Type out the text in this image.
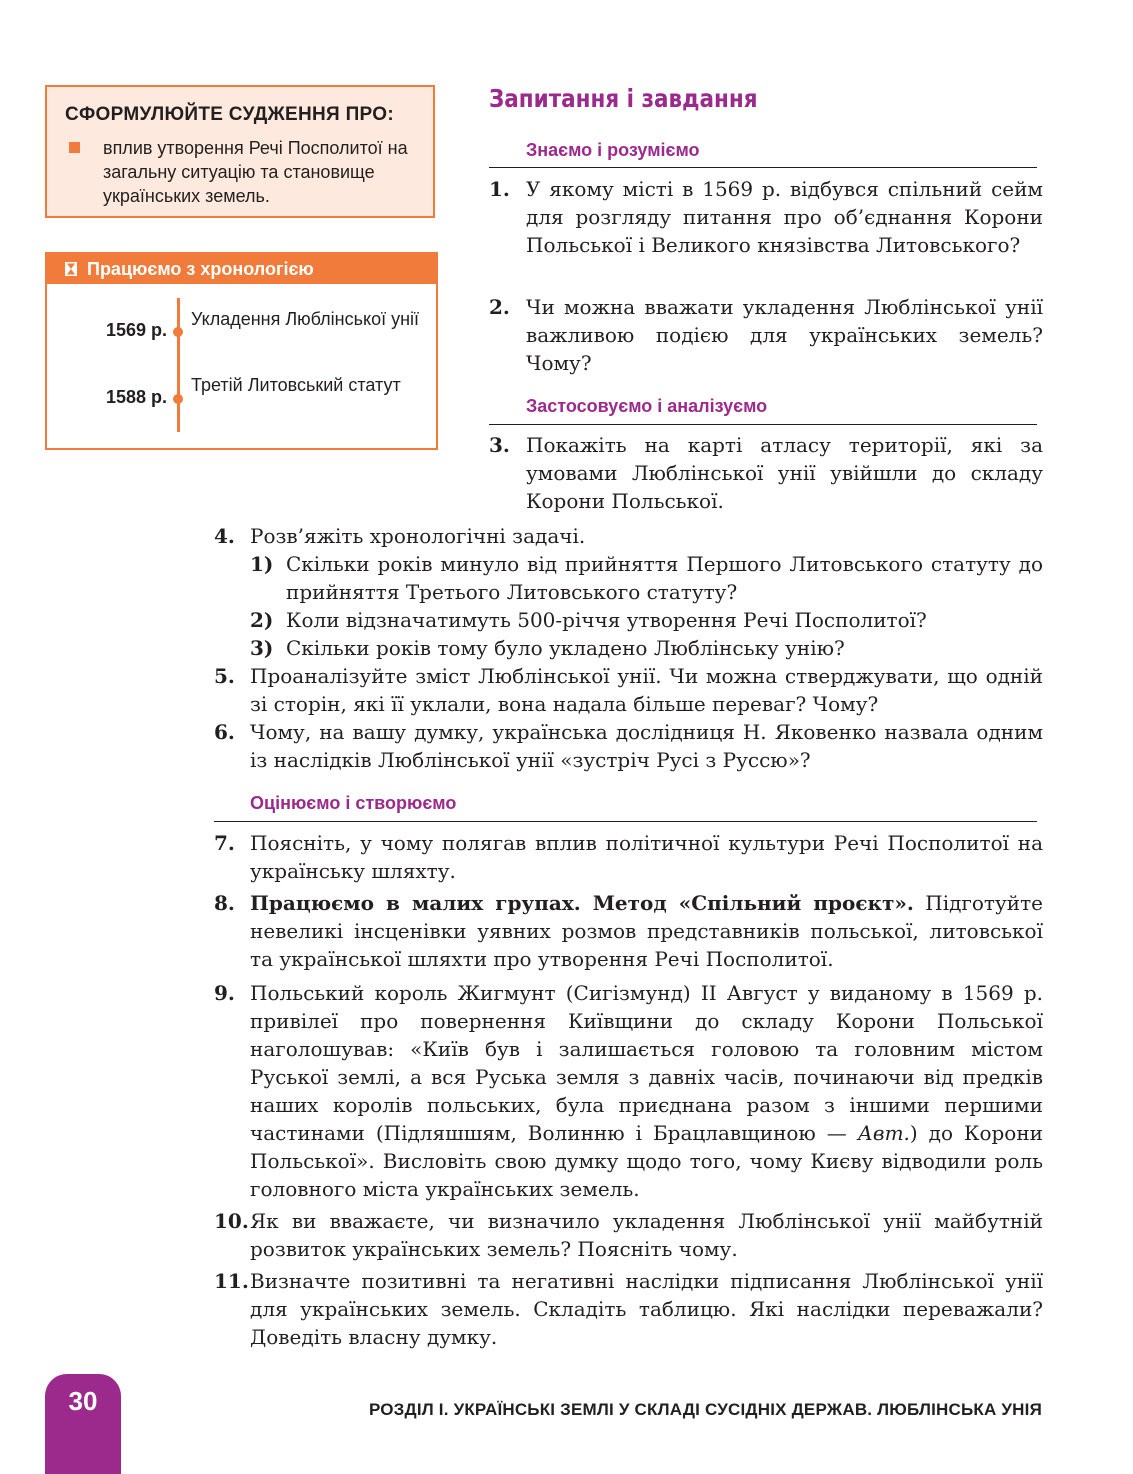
СФОРМУЛЮЙТЕ СУДЖЕННЯ ПРО:
вплив утворення Речі Посполитої на загальну ситуацію та становище українських земель.
Працюємо з хронологією
1569 р.
Укладення Люблінської унії
1588 р.
Третій Литовський статут
Запитання і завдання
Знаємо і розуміємо
1. У якому місті в 1569 р. відбувся спільний сейм для розгляду питання про об’єднання Корони Польської і Великого князівства Литовського?
2. Чи можна вважати укладення Люблінської унії важливою подією для українських земель? Чому?
Застосовуємо і аналізуємо
3. Покажіть на карті атласу території, які за умовами Люблінської унії увійшли до складу Корони Польської.
4. Розв’яжіть хронологічні задачі.
1) Скільки років минуло від прийняття Першого Литовського статуту до прийняття Третього Литовського статуту?
2) Коли відзначатимуть 500-річчя утворення Речі Посполитої?
3) Скільки років тому було укладено Люблінську унію?
5. Проаналізуйте зміст Люблінської унії. Чи можна стверджувати, що одній зі сторін, які її уклали, вона надала більше переваг? Чому?
6. Чому, на вашу думку, українська дослідниця Н. Яковенко назвала одним із наслідків Люблінської унії «зустріч Русі з Руссю»?
Оцінюємо і створюємо
7. Поясніть, у чому полягав вплив політичної культури Речі Посполитої на українську шляхту.
8. Працюємо в малих групах. Метод «Спільний проєкт». Підготуйте невеликі інсценівки уявних розмов представників польської, литовської та української шляхти про утворення Речі Посполитої.
9. Польський король Жигмунт (Сигізмунд) ІІ Август у виданому в 1569 р. привілеї про повернення Київщини до складу Корони Польської наголошував: «Київ був і залишається головою та головним містом Руської землі, а вся Руська земля з давніх часів, починаючи від предків наших королів польських, була приєднана разом з іншими першими частинами (Підляшшям, Волинню і Брацлавщиною — Авт.) до Корони Польської». Висловіть свою думку щодо того, чому Києву відводили роль головного міста українських земель.
10. Як ви вважаєте, чи визначило укладення Люблінської унії майбутній розвиток українських земель? Поясніть чому.
11. Визначте позитивні та негативні наслідки підписання Люблінської унії для українських земель. Складіть таблицю. Які наслідки переважали? Доведіть власну думку.
30	РОЗДІЛ І. УКРАЇНСЬКІ ЗЕМЛІ У СКЛАДІ СУСІДНІХ ДЕРЖАВ. ЛЮБЛІНСЬКА УНІЯ
